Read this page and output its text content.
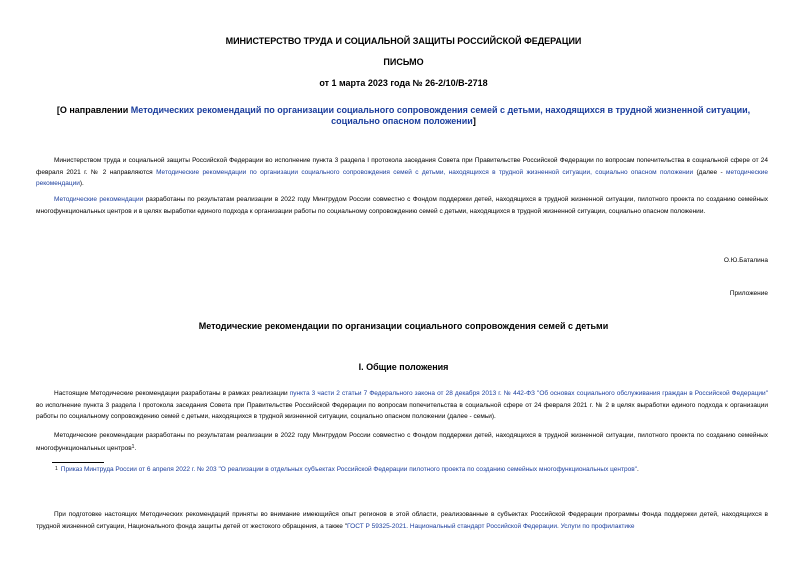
МИНИСТЕРСТВО ТРУДА И СОЦИАЛЬНОЙ ЗАЩИТЫ РОССИЙСКОЙ ФЕДЕРАЦИИ

ПИСЬМО

от 1 марта 2023 года № 26-2/10/В-2718

[О направлении Методических рекомендаций по организации социального сопровождения семей с детьми, находящихся в трудной жизненной ситуации, социально опасном положении]

Министерством труда и социальной защиты Российской Федерации во исполнение пункта 3 раздела I протокола заседания Совета при Правительстве Российской Федерации по вопросам попечительства в социальной сфере от 24 февраля 2021 г. № 2 направляются Методические рекомендации по организации социального сопровождения семей с детьми, находящихся в трудной жизненной ситуации, социально опасном положении (далее - методические рекомендации).

Методические рекомендации разработаны по результатам реализации в 2022 году Минтрудом России совместно с Фондом поддержки детей, находящихся в трудной жизненной ситуации, пилотного проекта по созданию семейных многофункциональных центров и в целях выработки единого подхода к организации работы по социальному сопровождению семей с детьми, находящихся в трудной жизненной ситуации, социально опасном положении.

О.Ю.Баталина

Приложение

Методические рекомендации по организации социального сопровождения семей с детьми

I. Общие положения

Настоящие Методические рекомендации разработаны в рамках реализации пункта 3 части 2 статьи 7 Федерального закона от 28 декабря 2013 г. № 442-ФЗ "Об основах социального обслуживания граждан в Российской Федерации" во исполнение пункта 3 раздела I протокола заседания Совета при Правительстве Российской Федерации по вопросам попечительства в социальной сфере от 24 февраля 2021 г. № 2 в целях выработки единого подхода к организации работы по социальному сопровождению семей с детьми, находящихся в трудной жизненной ситуации, социально опасном положении (далее - семьи).

Методические рекомендации разработаны по результатам реализации в 2022 году Минтрудом России совместно с Фондом поддержки детей, находящихся в трудной жизненной ситуации, пилотного проекта по созданию семейных многофункциональных центров$^1$.

1 Приказ Минтруда России от 6 апреля 2022 г. № 203 "О реализации в отдельных субъектах Российской Федерации пилотного проекта по созданию семейных многофункциональных центров".

При подготовке настоящих Методических рекомендаций приняты во внимание имеющийся опыт регионов в этой области, реализованные в субъектах Российской Федерации программы Фонда поддержки детей, находящихся в трудной жизненной ситуации, Национального фонда защиты детей от жестокого обращения, а также "ГОСТ Р 59325-2021. Национальный стандарт Российской Федерации. Услуги по профилактике
